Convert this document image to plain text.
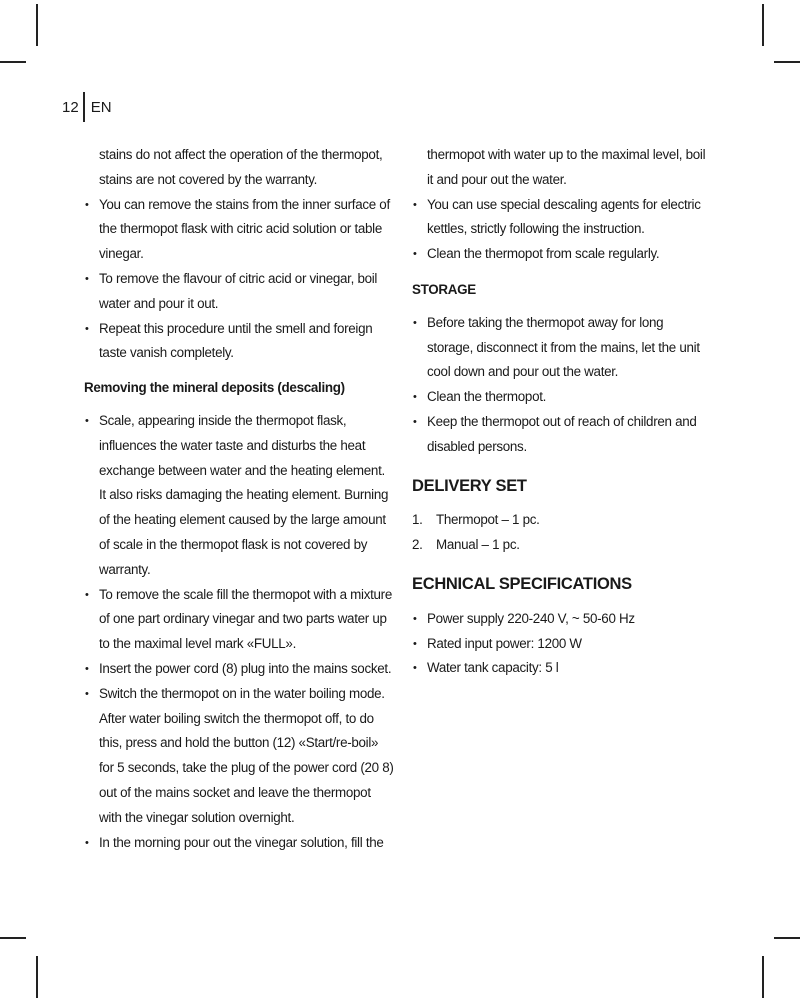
12 EN
stains do not affect the operation of the thermopot, stains are not covered by the warranty.
• You can remove the stains from the inner surface of the thermopot flask with citric acid solution or table vinegar.
• To remove the flavour of citric acid or vinegar, boil water and pour it out.
• Repeat this procedure until the smell and foreign taste vanish completely.
Removing the mineral deposits (descaling)
• Scale, appearing inside the thermopot flask, influences the water taste and disturbs the heat exchange between water and the heating element. It also risks damaging the heating element. Burning of the heating element caused by the large amount of scale in the thermopot flask is not covered by warranty.
• To remove the scale fill the thermopot with a mixture of one part ordinary vinegar and two parts water up to the maximal level mark «FULL».
• Insert the power cord (8) plug into the mains socket.
• Switch the thermopot on in the water boiling mode. After water boiling switch the thermopot off, to do this, press and hold the button (12) «Start/re-boil» for 5 seconds, take the plug of the power cord (20 8) out of the mains socket and leave the thermopot with the vinegar solution overnight.
• In the morning pour out the vinegar solution, fill the
thermopot with water up to the maximal level, boil it and pour out the water.
• You can use special descaling agents for electric kettles, strictly following the instruction.
• Clean the thermopot from scale regularly.
STORAGE
• Before taking the thermopot away for long storage, disconnect it from the mains, let the unit cool down and pour out the water.
• Clean the thermopot.
• Keep the thermopot out of reach of children and disabled persons.
DELIVERY SET
1.	Thermopot – 1 pc.
2.	Manual – 1 pc.
ECHNICAL SPECIFICATIONS
• Power supply 220-240 V, ~ 50-60 Hz
• Rated input power: 1200 W
• Water tank capacity: 5 l
